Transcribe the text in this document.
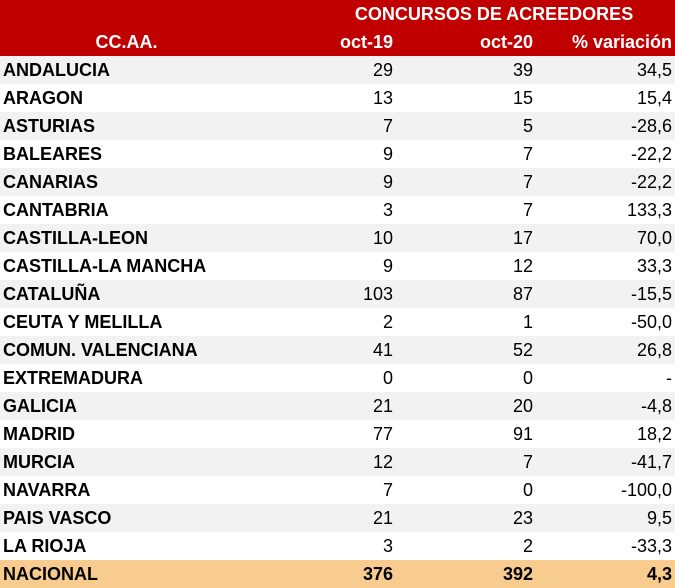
	CONCURSOS DE ACREEDORES		
CC.AA.	oct-19	oct-20	% variación
ANDALUCIA	29	39	34,5
ARAGON	13	15	15,4
ASTURIAS	7	5	-28,6
BALEARES	9	7	-22,2
CANARIAS	9	7	-22,2
CANTABRIA	3	7	133,3
CASTILLA-LEON	10	17	70,0
CASTILLA-LA MANCHA	9	12	33,3
CATALUÑA	103	87	-15,5
CEUTA Y MELILLA	2	1	-50,0
COMUN. VALENCIANA	41	52	26,8
EXTREMADURA	0	0	-
GALICIA	21	20	-4,8
MADRID	77	91	18,2
MURCIA	12	7	-41,7
NAVARRA	7	0	-100,0
PAIS VASCO	21	23	9,5
LA RIOJA	3	2	-33,3
NACIONAL	376	392	4,3
